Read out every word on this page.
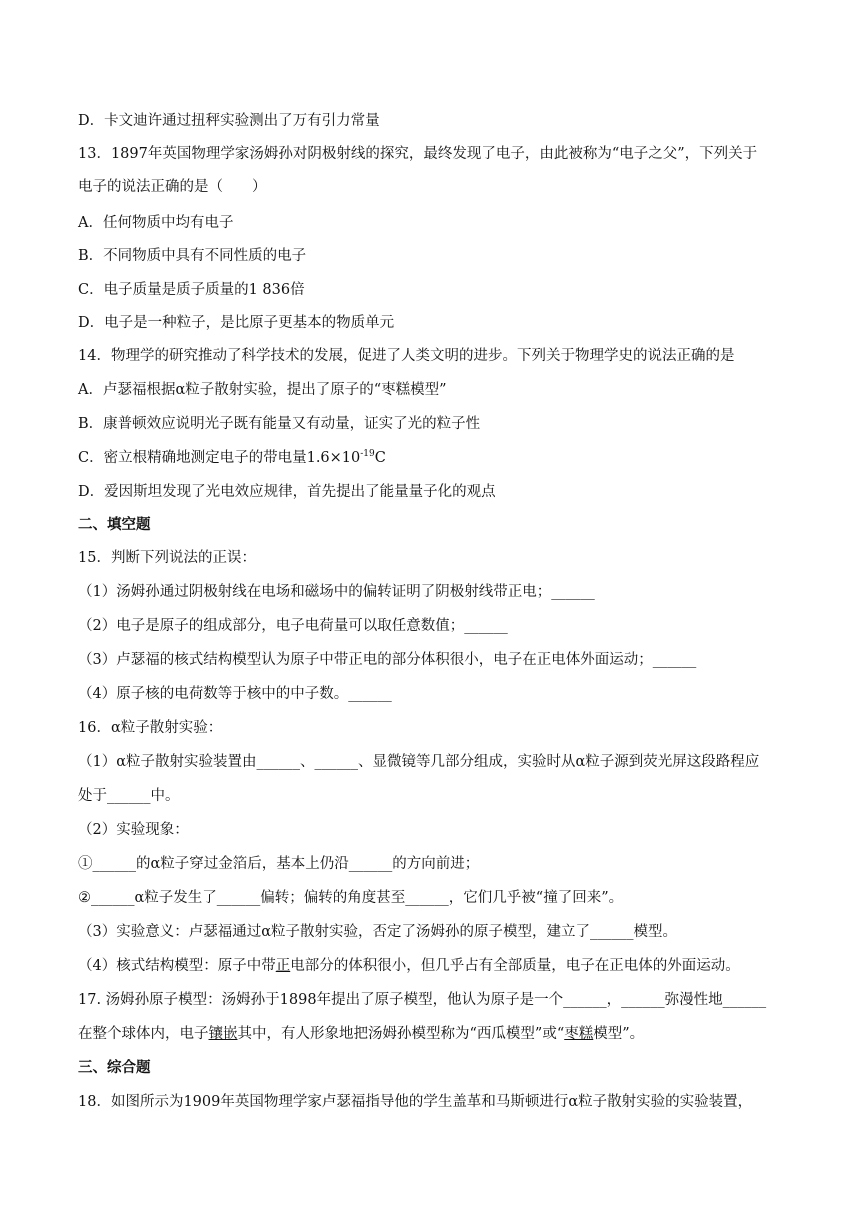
D．卡文迪许通过扭秤实验测出了万有引力常量
13．1897年英国物理学家汤姆孙对阴极射线的探究，最终发现了电子，由此被称为“电子之父”，下列关于
电子的说法正确的是（　　）
A．任何物质中均有电子
B．不同物质中具有不同性质的电子
C．电子质量是质子质量的1 836倍
D．电子是一种粒子，是比原子更基本的物质单元
14．物理学的研究推动了科学技术的发展，促进了人类文明的进步。下列关于物理学史的说法正确的是
A．卢瑟福根据α粒子散射实验，提出了原子的“枣糕模型”
B．康普顿效应说明光子既有能量又有动量，证实了光的粒子性
C．密立根精确地测定电子的带电量$1.6\times 10^{-19}C$
D．爱因斯坦发现了光电效应规律，首先提出了能量量子化的观点
二、填空题
15．判断下列说法的正误：
（1）汤姆孙通过阴极射线在电场和磁场中的偏转证明了阴极射线带正电；______
（2）电子是原子的组成部分，电子电荷量可以取任意数值；______
（3）卢瑟福的核式结构模型认为原子中带正电的部分体积很小，电子在正电体外面运动；______
（4）原子核的电荷数等于核中的中子数。______
16．α粒子散射实验：
（1）α粒子散射实验装置由______、______、显微镜等几部分组成，实验时从α粒子源到荧光屏这段路程应
处于______中。
（2）实验现象：
①______的α粒子穿过金箔后，基本上仍沿______的方向前进；
②______α粒子发生了______偏转；偏转的角度甚至______，它们几乎被“撞了回来”。
（3）实验意义：卢瑟福通过α粒子散射实验，否定了汤姆孙的原子模型，建立了______模型。
（4）核式结构模型：原子中带正电部分的体积很小，但几乎占有全部质量，电子在正电体的外面运动。
17. 汤姆孙原子模型：汤姆孙于1898年提出了原子模型，他认为原子是一个______，______弥漫性地______
在整个球体内，电子镶嵌其中，有人形象地把汤姆孙模型称为“西瓜模型”或“枣糕模型”。
三、综合题
18．如图所示为1909年英国物理学家卢瑟福指导他的学生盖革和马斯顿进行α粒子散射实验的实验装置，
